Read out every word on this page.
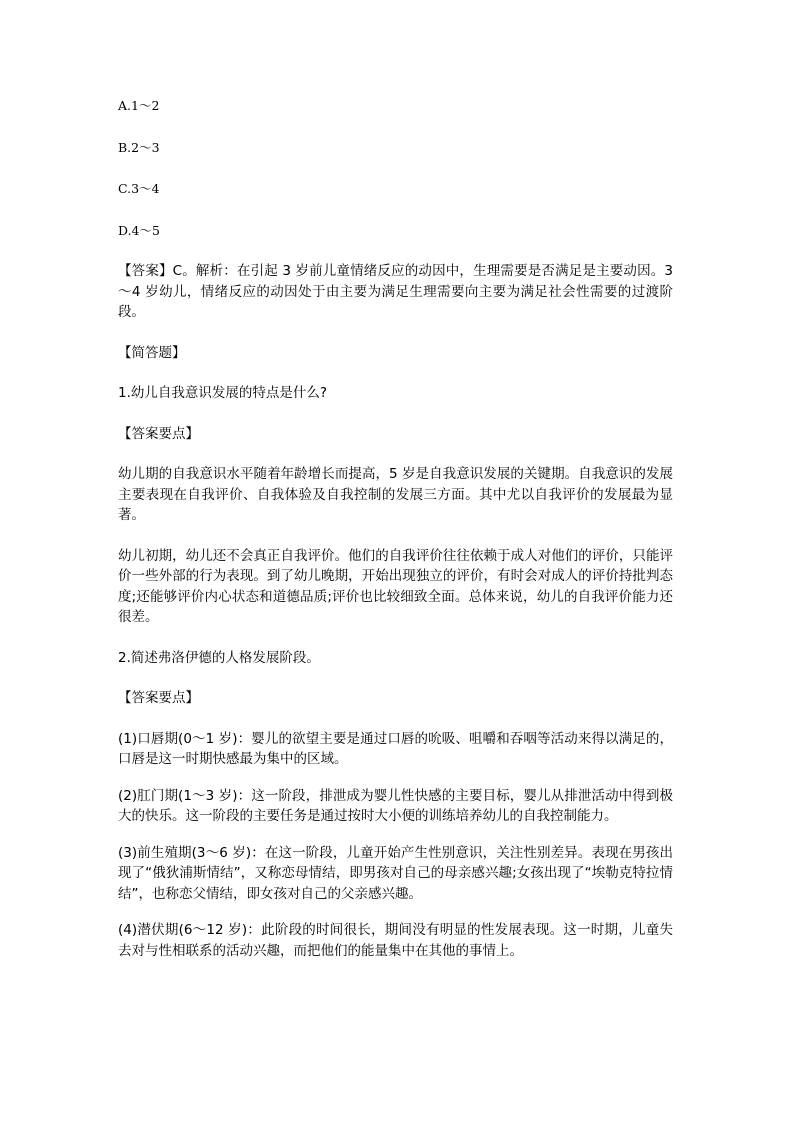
A.1～2

B.2～3

C.3～4

D.4～5

【答案】C。解析：在引起 3 岁前儿童情绪反应的动因中，生理需要是否满足是主要动因。3～4 岁幼儿，情绪反应的动因处于由主要为满足生理需要向主要为满足社会性需要的过渡阶段。

【简答题】

1.幼儿自我意识发展的特点是什么?

【答案要点】

幼儿期的自我意识水平随着年龄增长而提高，5 岁是自我意识发展的关键期。自我意识的发展主要表现在自我评价、自我体验及自我控制的发展三方面。其中尤以自我评价的发展最为显著。

幼儿初期，幼儿还不会真正自我评价。他们的自我评价往往依赖于成人对他们的评价，只能评价一些外部的行为表现。到了幼儿晚期，开始出现独立的评价，有时会对成人的评价持批判态度;还能够评价内心状态和道德品质;评价也比较细致全面。总体来说，幼儿的自我评价能力还很差。

2.简述弗洛伊德的人格发展阶段。

【答案要点】

(1)口唇期(0～1 岁)：婴儿的欲望主要是通过口唇的吮吸、咀嚼和吞咽等活动来得以满足的，口唇是这一时期快感最为集中的区域。

(2)肛门期(1～3 岁)：这一阶段，排泄成为婴儿性快感的主要目标，婴儿从排泄活动中得到极大的快乐。这一阶段的主要任务是通过按时大小便的训练培养幼儿的自我控制能力。

(3)前生殖期(3～6 岁)：在这一阶段，儿童开始产生性别意识，关注性别差异。表现在男孩出现了“俄狄浦斯情结”，又称恋母情结，即男孩对自己的母亲感兴趣;女孩出现了“埃勒克特拉情结”，也称恋父情结，即女孩对自己的父亲感兴趣。

(4)潜伏期(6～12 岁)：此阶段的时间很长，期间没有明显的性发展表现。这一时期，儿童失去对与性相联系的活动兴趣，而把他们的能量集中在其他的事情上。
